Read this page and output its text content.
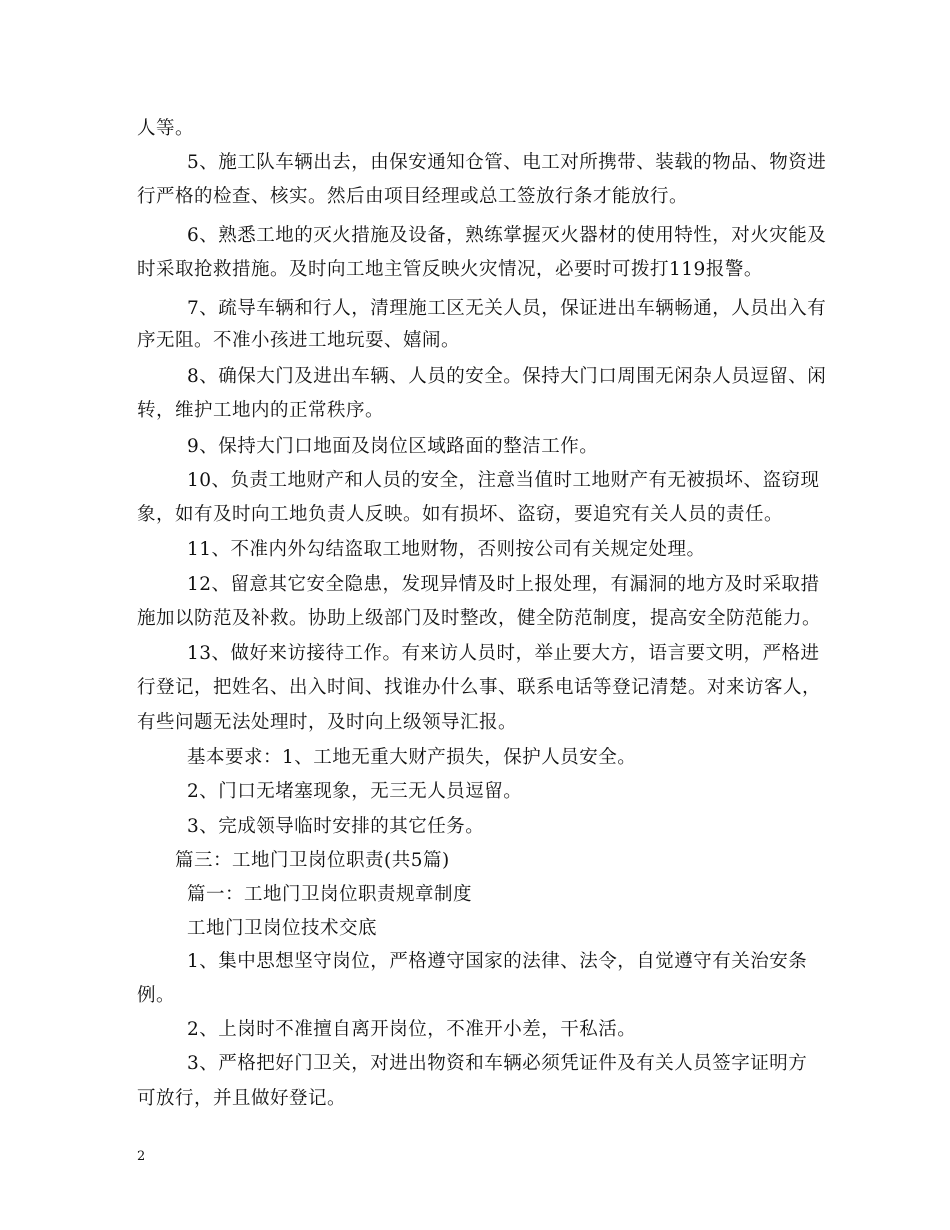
人等。
5、施工队车辆出去，由保安通知仓管、电工对所携带、装载的物品、物资进
行严格的检查、核实。然后由项目经理或总工签放行条才能放行。
6、熟悉工地的灭火措施及设备，熟练掌握灭火器材的使用特性，对火灾能及
时采取抢救措施。及时向工地主管反映火灾情况，必要时可拨打119报警。
7、疏导车辆和行人，清理施工区无关人员，保证进出车辆畅通，人员出入有
序无阻。不准小孩进工地玩耍、嬉闹。
8、确保大门及进出车辆、人员的安全。保持大门口周围无闲杂人员逗留、闲
转，维护工地内的正常秩序。
9、保持大门口地面及岗位区域路面的整洁工作。
10、负责工地财产和人员的安全，注意当值时工地财产有无被损坏、盗窃现
象，如有及时向工地负责人反映。如有损坏、盗窃，要追究有关人员的责任。
11、不准内外勾结盗取工地财物，否则按公司有关规定处理。
12、留意其它安全隐患，发现异情及时上报处理，有漏洞的地方及时采取措
施加以防范及补救。协助上级部门及时整改，健全防范制度，提高安全防范能力。
13、做好来访接待工作。有来访人员时，举止要大方，语言要文明，严格进
行登记，把姓名、出入时间、找谁办什么事、联系电话等登记清楚。对来访客人，
有些问题无法处理时，及时向上级领导汇报。
基本要求：1、工地无重大财产损失，保护人员安全。
2、门口无堵塞现象，无三无人员逗留。
3、完成领导临时安排的其它任务。
篇三：工地门卫岗位职责(共5篇)
篇一：工地门卫岗位职责规章制度
工地门卫岗位技术交底
1、集中思想坚守岗位，严格遵守国家的法律、法令，自觉遵守有关治安条
例。
2、上岗时不准擅自离开岗位，不准开小差，干私活。
3、严格把好门卫关，对进出物资和车辆必须凭证件及有关人员签字证明方
可放行，并且做好登记。
2
